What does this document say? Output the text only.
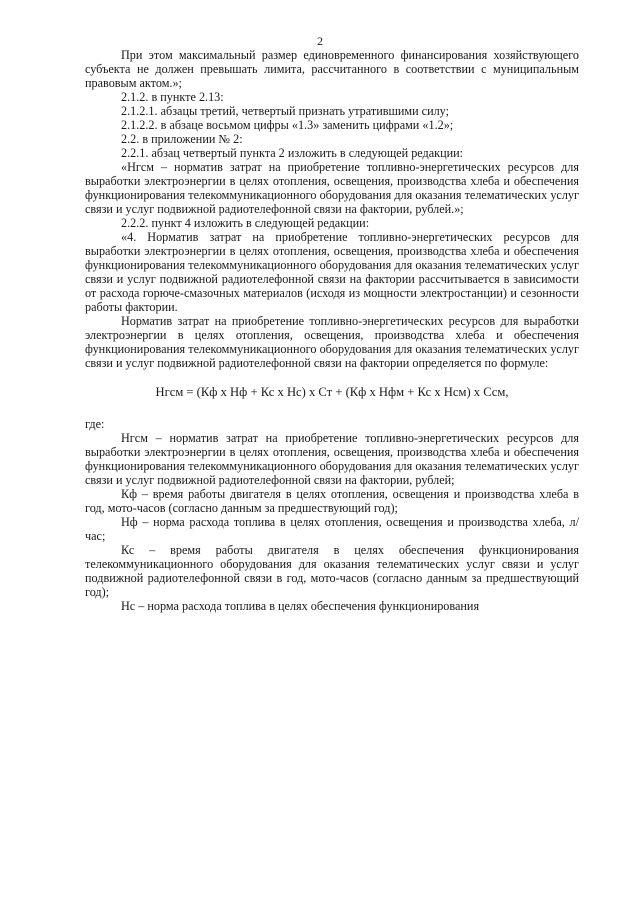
2

При этом максимальный размер единовременного финансирования хозяйствующего субъекта не должен превышать лимита, рассчитанного в соответствии с муниципальным правовым актом.»;

2.1.2. в пункте 2.13:

2.1.2.1. абзацы третий, четвертый признать утратившими силу;

2.1.2.2. в абзаце восьмом цифры «1.3» заменить цифрами «1.2»;

2.2. в приложении № 2:

2.2.1. абзац четвертый пункта 2 изложить в следующей редакции:

«Нгсм – норматив затрат на приобретение топливно-энергетических ресурсов для выработки электроэнергии в целях отопления, освещения, производства хлеба и обеспечения функционирования телекоммуникационного оборудования для оказания телематических услуг связи и услуг подвижной радиотелефонной связи на фактории, рублей.»;

2.2.2. пункт 4 изложить в следующей редакции:

«4. Норматив затрат на приобретение топливно-энергетических ресурсов для выработки электроэнергии в целях отопления, освещения, производства хлеба и обеспечения функционирования телекоммуникационного оборудования для оказания телематических услуг связи и услуг подвижной радиотелефонной связи на фактории рассчитывается в зависимости от расхода горюче-смазочных материалов (исходя из мощности электростанции) и сезонности работы фактории.

Норматив затрат на приобретение топливно-энергетических ресурсов для выработки электроэнергии в целях отопления, освещения, производства хлеба и обеспечения функционирования телекоммуникационного оборудования для оказания телематических услуг связи и услуг подвижной радиотелефонной связи на фактории определяется по формуле:

Нгсм = (Кф х Нф + Кс х Нс) х Ст + (Кф х Нфм + Кс х Нсм) х Ссм,

где:

Нгсм – норматив затрат на приобретение топливно-энергетических ресурсов для выработки электроэнергии в целях отопления, освещения, производства хлеба и обеспечения функционирования телекоммуникационного оборудования для оказания телематических услуг связи и услуг подвижной радиотелефонной связи на фактории, рублей;

Кф – время работы двигателя в целях отопления, освещения и производства хлеба в год, мото-часов (согласно данным за предшествующий год);

Нф – норма расхода топлива в целях отопления, освещения и производства хлеба, л/час;

Кс – время работы двигателя в целях обеспечения функционирования телекоммуникационного оборудования для оказания телематических услуг связи и услуг подвижной радиотелефонной связи в год, мото-часов (согласно данным за предшествующий год);

Нс – норма расхода топлива в целях обеспечения функционирования
